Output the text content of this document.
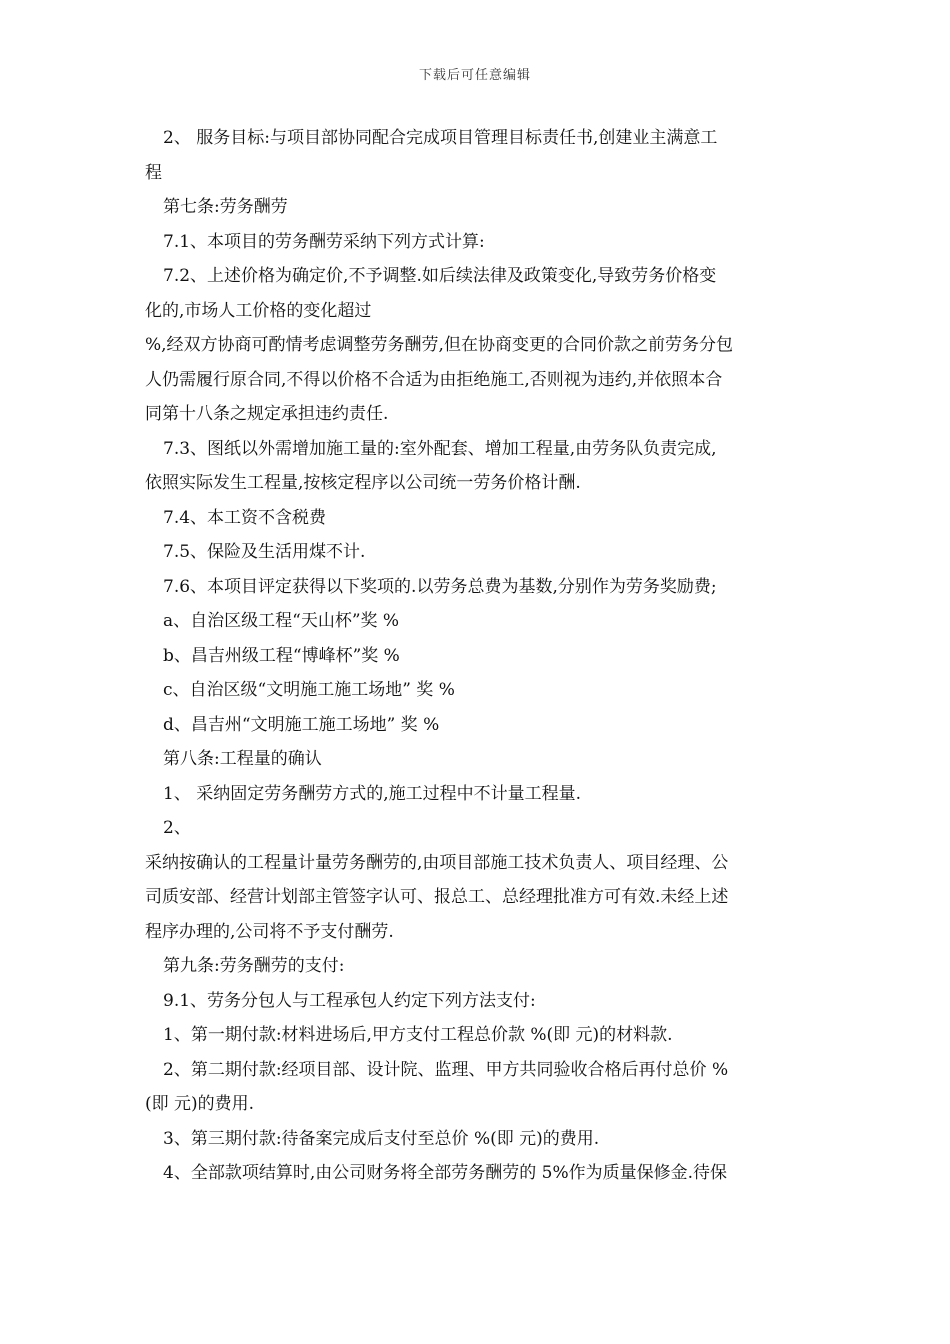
下载后可任意编辑
2、 服务目标:与项目部协同配合完成项目管理目标责任书,创建业主满意工
程
第七条:劳务酬劳
7.1、本项目的劳务酬劳采纳下列方式计算:
7.2、上述价格为确定价,不予调整.如后续法律及政策变化,导致劳务价格变
化的,市场人工价格的变化超过
%,经双方协商可酌情考虑调整劳务酬劳,但在协商变更的合同价款之前劳务分包
人仍需履行原合同,不得以价格不合适为由拒绝施工,否则视为违约,并依照本合
同第十八条之规定承担违约责任.
7.3、图纸以外需增加施工量的:室外配套、增加工程量,由劳务队负责完成,
依照实际发生工程量,按核定程序以公司统一劳务价格计酬.
7.4、本工资不含税费
7.5、保险及生活用煤不计.
7.6、本项目评定获得以下奖项的.以劳务总费为基数,分别作为劳务奖励费;
a、自治区级工程“天山杯”奖 %
b、昌吉州级工程“博峰杯”奖 %
c、自治区级“文明施工施工场地” 奖 %
d、昌吉州“文明施工施工场地” 奖 %
第八条:工程量的确认
1、 采纳固定劳务酬劳方式的,施工过程中不计量工程量.
2、
采纳按确认的工程量计量劳务酬劳的,由项目部施工技术负责人、项目经理、公
司质安部、经营计划部主管签字认可、报总工、总经理批准方可有效.未经上述
程序办理的,公司将不予支付酬劳.
第九条:劳务酬劳的支付:
9.1、劳务分包人与工程承包人约定下列方法支付:
1、第一期付款:材料进场后,甲方支付工程总价款 %(即 元)的材料款.
2、第二期付款:经项目部、设计院、监理、甲方共同验收合格后再付总价 %
(即 元)的费用.
3、第三期付款:待备案完成后支付至总价 %(即 元)的费用.
4、全部款项结算时,由公司财务将全部劳务酬劳的 5%作为质量保修金.待保
